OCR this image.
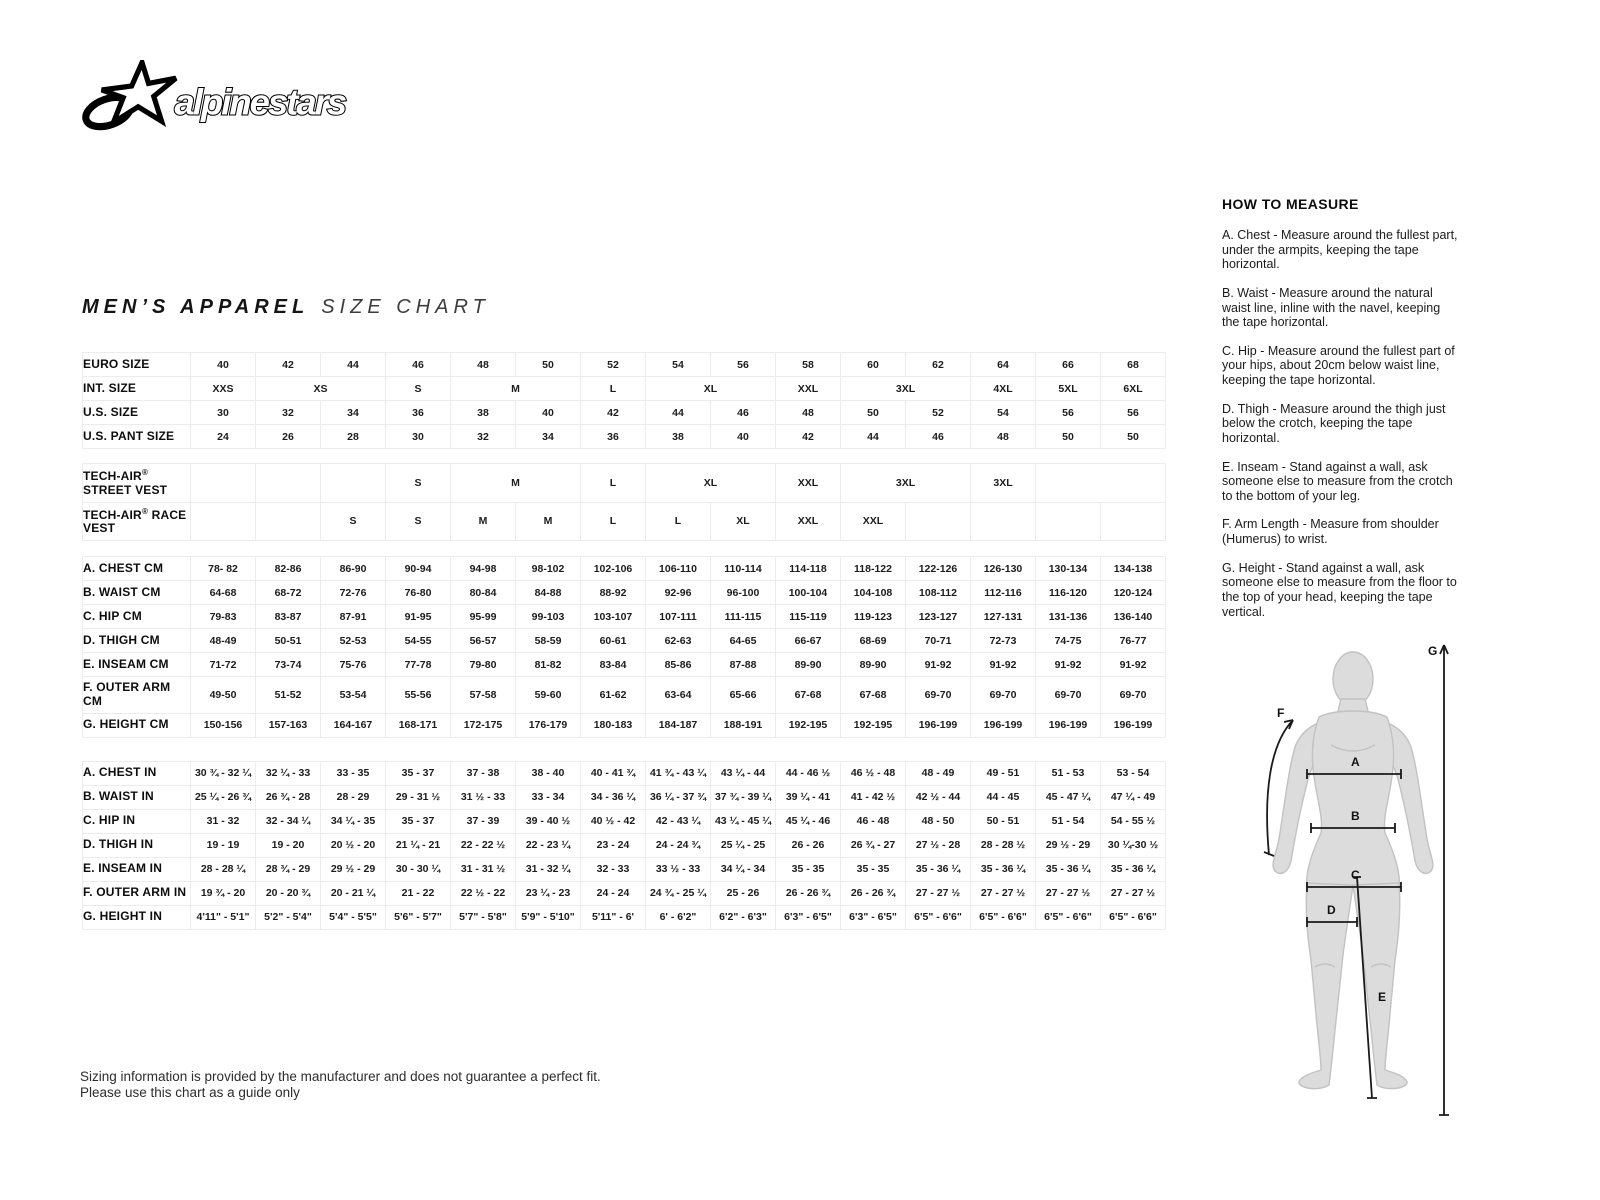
alpinestars
MEN’S APPAREL SIZE CHART
EURO SIZE	40	42	44	46	48	50	52	54	56	58	60	62	64	66	68
INT. SIZE	XXS	XS		S	M		L	XL		XXL	3XL		4XL	5XL	6XL
U.S. SIZE	30	32	34	36	38	40	42	44	46	48	50	52	54	56	56
U.S. PANT SIZE	24	26	28	30	32	34	36	38	40	42	44	46	48	50	50
TECH-AIR® STREET VEST				S	M		L	XL		XXL	3XL		3XL		
TECH-AIR® RACE VEST			S	S	M	M	L	L	XL	XXL	XXL				
A. CHEST CM	78- 82	82-86	86-90	90-94	94-98	98-102	102-106	106-110	110-114	114-118	118-122	122-126	126-130	130-134	134-138
B. WAIST CM	64-68	68-72	72-76	76-80	80-84	84-88	88-92	92-96	96-100	100-104	104-108	108-112	112-116	116-120	120-124
C. HIP CM	79-83	83-87	87-91	91-95	95-99	99-103	103-107	107-111	111-115	115-119	119-123	123-127	127-131	131-136	136-140
D. THIGH CM	48-49	50-51	52-53	54-55	56-57	58-59	60-61	62-63	64-65	66-67	68-69	70-71	72-73	74-75	76-77
E. INSEAM CM	71-72	73-74	75-76	77-78	79-80	81-82	83-84	85-86	87-88	89-90	89-90	91-92	91-92	91-92	91-92
F. OUTER ARM CM	49-50	51-52	53-54	55-56	57-58	59-60	61-62	63-64	65-66	67-68	67-68	69-70	69-70	69-70	69-70
G. HEIGHT CM	150-156	157-163	164-167	168-171	172-175	176-179	180-183	184-187	188-191	192-195	192-195	196-199	196-199	196-199	196-199
A. CHEST IN	30 ¾ - 32 ¼	32 ¼ - 33	33 - 35	35 - 37	37 - 38	38 - 40	40 - 41 ¾	41 ¾ - 43 ¼	43 ¼ - 44	44 - 46 ½	46 ½ - 48	48 - 49	49 - 51	51 - 53	53 - 54
B. WAIST IN	25 ¼ - 26 ¾	26 ¾ - 28	28 - 29	29 - 31 ½	31 ½ - 33	33 - 34	34 - 36 ¼	36 ¼ - 37 ¾	37 ¾ - 39 ¼	39 ¼ - 41	41 - 42 ½	42 ½ - 44	44 - 45	45 - 47 ¼	47 ¼ - 49
C. HIP IN	31 - 32	32 - 34 ¼	34 ¼ - 35	35 - 37	37 - 39	39 - 40 ½	40 ½ - 42	42 - 43 ¼	43 ¼ - 45 ¼	45 ¼ - 46	46 - 48	48 - 50	50 - 51	51 - 54	54 - 55 ½
D. THIGH IN	19 - 19	19 - 20	20 ½ - 20	21 ¼ - 21	22 - 22 ½	22 - 23 ¼	23 - 24	24 - 24 ¾	25 ¼ - 25	26 - 26	26 ¾ - 27	27 ½ - 28	28 - 28 ½	29 ½ - 29	30 ¼-30 ½
E. INSEAM IN	28 - 28 ¼	28 ¾ - 29	29 ½ - 29	30 - 30 ¼	31 - 31 ½	31 - 32 ¼	32 - 33	33 ½ - 33	34 ¼ - 34	35 - 35	35 - 35	35 - 36 ¼	35 - 36 ¼	35 - 36 ¼	35 - 36 ¼
F. OUTER ARM IN	19 ¾ - 20	20 - 20 ¾	20 - 21 ¼	21 - 22	22 ½ - 22	23 ¼ - 23	24 - 24	24 ¾ - 25 ¼	25 - 26	26 - 26 ¾	26 - 26 ¾	27 - 27 ½	27 - 27 ½	27 - 27 ½	27 - 27 ½
G. HEIGHT IN	4'11" - 5'1"	5'2" - 5'4"	5'4" - 5'5"	5'6" - 5'7"	5'7" - 5'8"	5'9" - 5'10"	5'11" - 6'	6' - 6'2"	6'2" - 6'3"	6'3" - 6'5"	6'3" - 6'5"	6'5" - 6'6"	6'5" - 6'6"	6'5" - 6'6"	6'5" - 6'6"
HOW TO MEASURE

A. Chest - Measure around the fullest part, under the armpits, keeping the tape horizontal.

B. Waist - Measure around the natural waist line, inline with the navel, keeping the tape horizontal.

C. Hip - Measure around the fullest part of your hips, about 20cm below waist line, keeping the tape horizontal.

D. Thigh - Measure around the thigh just below the crotch, keeping the tape horizontal.

E. Inseam - Stand against a wall, ask someone else to measure from the crotch to the bottom of your leg.

F. Arm Length - Measure from shoulder (Humerus) to wrist.

G. Height - Stand against a wall, ask someone else to measure from the floor to the top of your head, keeping the tape vertical.

A
B
C
D
E
F
G
Sizing information is provided by the manufacturer and does not guarantee a perfect fit.
Please use this chart as a guide only
